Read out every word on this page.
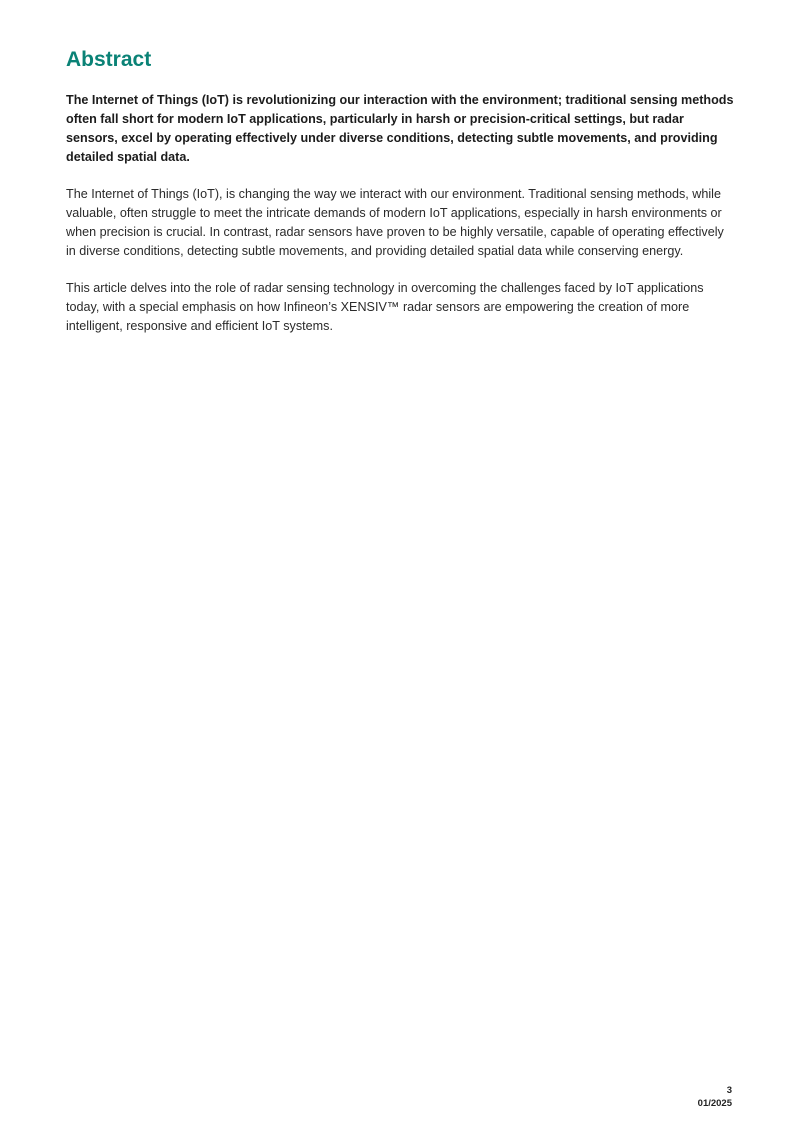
Abstract

The Internet of Things (IoT) is revolutionizing our interaction with the environment; traditional sensing methods often fall short for modern IoT applications, particularly in harsh or precision-critical settings, but radar sensors, excel by operating effectively under diverse conditions, detecting subtle movements, and providing detailed spatial data.

The Internet of Things (IoT), is changing the way we interact with our environment. Traditional sensing methods, while valuable, often struggle to meet the intricate demands of modern IoT applications, especially in harsh environments or when precision is crucial. In contrast, radar sensors have proven to be highly versatile, capable of operating effectively in diverse conditions, detecting subtle movements, and providing detailed spatial data while conserving energy.

This article delves into the role of radar sensing technology in overcoming the challenges faced by IoT applications today, with a special emphasis on how Infineon’s XENSIV™ radar sensors are empowering the creation of more intelligent, responsive and efficient IoT systems.

3
01/2025
